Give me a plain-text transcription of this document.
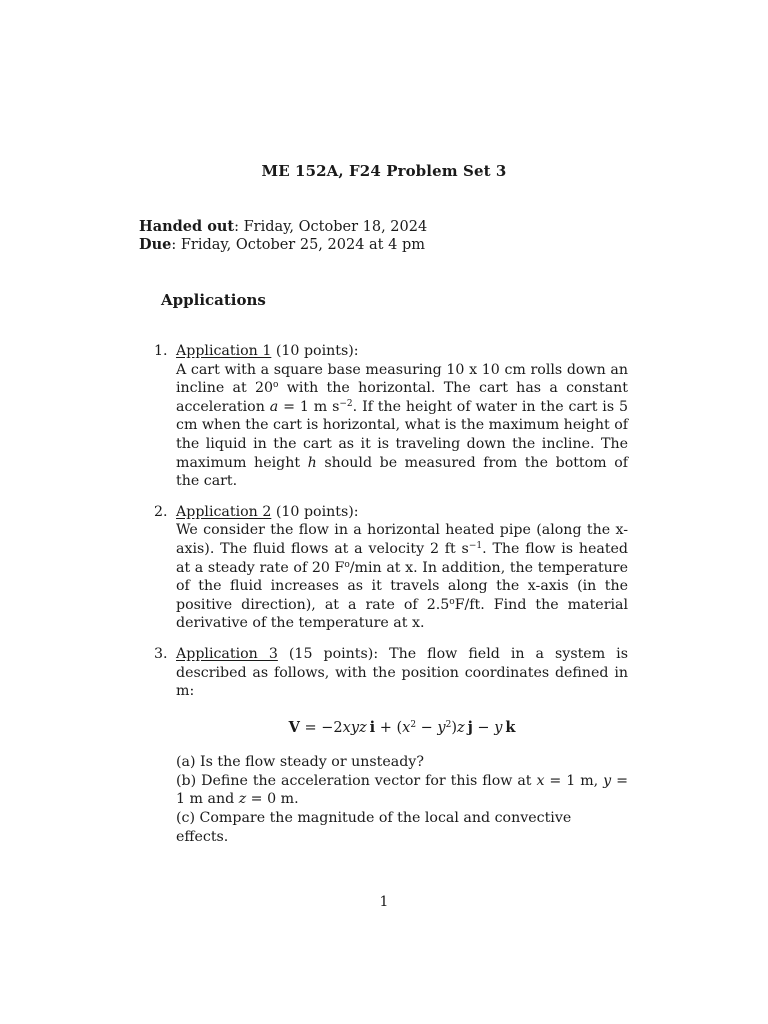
ME 152A, F24 Problem Set 3
Handed out: Friday, October 18, 2024
Due: Friday, October 25, 2024 at 4 pm
Applications
1. Application 1 (10 points):
A cart with a square base measuring 10 x 10 cm rolls down an incline at 20$^o$ with the horizontal. The cart has a constant acceleration a = 1 m $s^{-2}$. If the height of water in the cart is 5 cm when the cart is horizontal, what is the maximum height of the liquid in the cart as it is traveling down the incline. The maximum height h should be measured from the bottom of the cart.
2. Application 2 (10 points):
We consider the flow in a horizontal heated pipe (along the x-axis). The fluid flows at a velocity 2 ft $s^{-1}$. The flow is heated at a steady rate of 20 $F^o/\min$ at x. In addition, the temperature of the fluid increases as it travels along the x-axis (in the positive direction), at a rate of 2.5$^o$F/ft. Find the material derivative of the temperature at x.
3. Application 3 (15 points): The flow field in a system is described as follows, with the position coordinates defined in m:
V = −2xyz  $i + (x^2 - y^2)z$  j − y  k

(a) Is the flow steady or unsteady?

(b) Define the acceleration vector for this flow at x = 1 m, y = 1 m and z = 0 m.

(c) Compare the magnitude of the local and convective effects.

1
